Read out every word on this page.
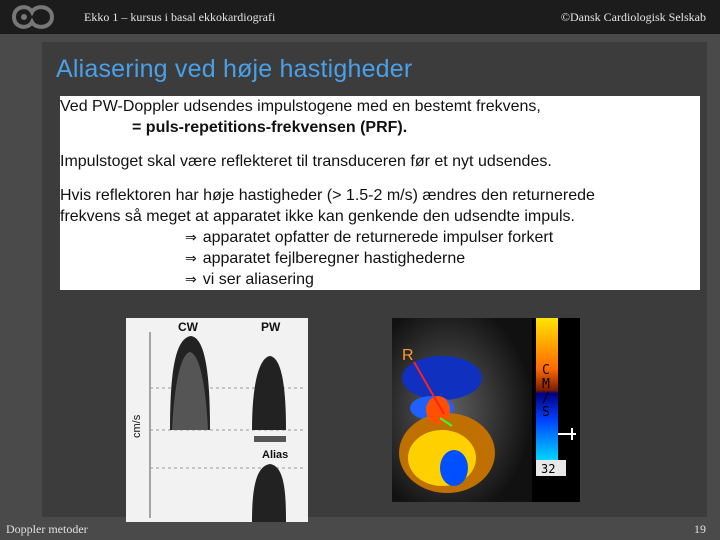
Ekko 1 – kursus i basal ekkokardiografi	©Dansk Cardiologisk Selskab
Aliasering ved høje hastigheder
Ved PW-Doppler udsendes impulstogene med en bestemt frekvens,
= puls-repetitions-frekvensen (PRF).
Impulstoget skal være reflekteret til transduceren før et nyt udsendes.
Hvis reflektoren har høje hastigheder (> 1.5-2 m/s) ændres den returnerede
frekvens så meget at apparatet ikke kan genkende den udsendte impuls.
⇒ apparatet opfatter de returnerede impulser forkert
⇒ apparatet fejlberegner hastighederne
⇒ vi ser aliasering
CW	PW
cm/s
Alias
R
C M / S
32
Doppler metoder	19
